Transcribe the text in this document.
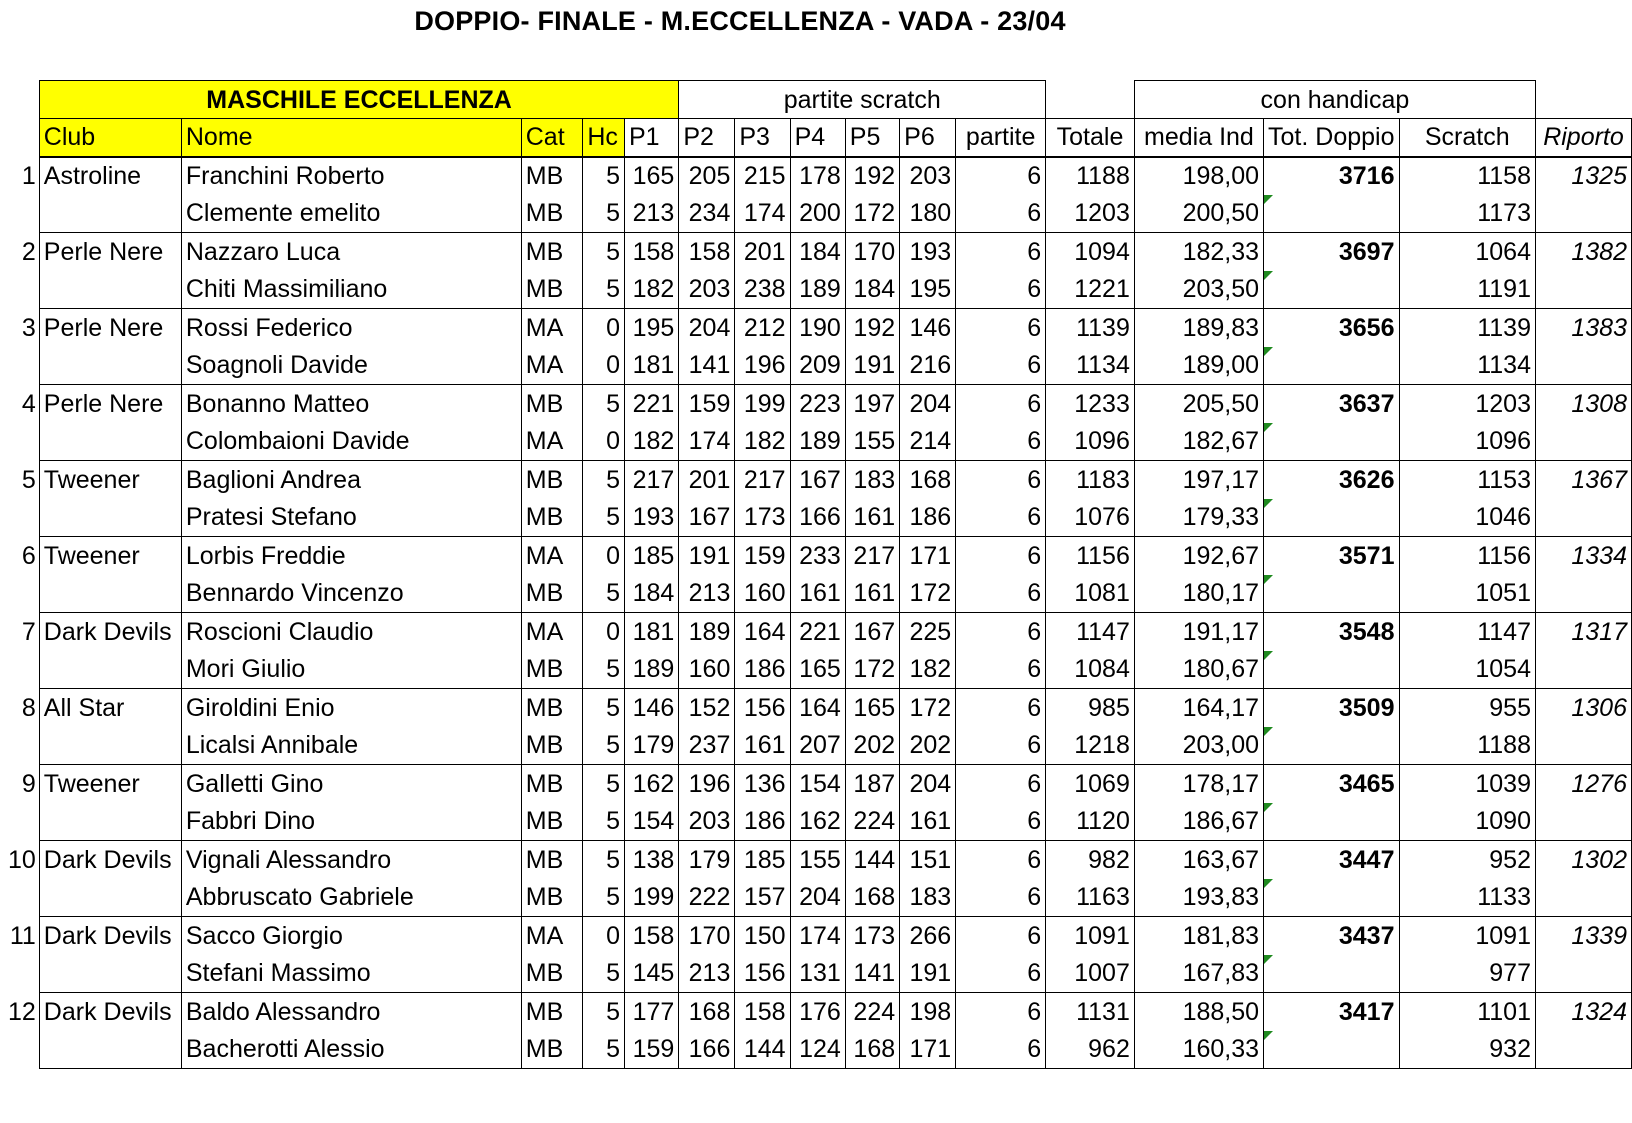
DOPPIO- FINALE - M.ECCELLENZA - VADA - 23/04
	MASCHILE ECCELLENZA					partite scratch							con handicap			
	Club	Nome	Cat	Hc	P1	P2	P3	P4	P5	P6	partite	Totale	media Ind	Tot. Doppio	Scratch	Riporto
1	Astroline	Franchini Roberto	MB	5	165	205	215	178	192	203	6	1188	198,00	3716	1158	1325
		Clemente emelito	MB	5	213	234	174	200	172	180	6	1203	200,50		1173	
2	Perle Nere	Nazzaro Luca	MB	5	158	158	201	184	170	193	6	1094	182,33	3697	1064	1382
		Chiti Massimiliano	MB	5	182	203	238	189	184	195	6	1221	203,50		1191	
3	Perle Nere	Rossi Federico	MA	0	195	204	212	190	192	146	6	1139	189,83	3656	1139	1383
		Soagnoli Davide	MA	0	181	141	196	209	191	216	6	1134	189,00		1134	
4	Perle Nere	Bonanno Matteo	MB	5	221	159	199	223	197	204	6	1233	205,50	3637	1203	1308
		Colombaioni Davide	MA	0	182	174	182	189	155	214	6	1096	182,67		1096	
5	Tweener	Baglioni Andrea	MB	5	217	201	217	167	183	168	6	1183	197,17	3626	1153	1367
		Pratesi Stefano	MB	5	193	167	173	166	161	186	6	1076	179,33		1046	
6	Tweener	Lorbis Freddie	MA	0	185	191	159	233	217	171	6	1156	192,67	3571	1156	1334
		Bennardo Vincenzo	MB	5	184	213	160	161	161	172	6	1081	180,17		1051	
7	Dark Devils	Roscioni Claudio	MA	0	181	189	164	221	167	225	6	1147	191,17	3548	1147	1317
		Mori Giulio	MB	5	189	160	186	165	172	182	6	1084	180,67		1054	
8	All Star	Giroldini Enio	MB	5	146	152	156	164	165	172	6	985	164,17	3509	955	1306
		Licalsi Annibale	MB	5	179	237	161	207	202	202	6	1218	203,00		1188	
9	Tweener	Galletti Gino	MB	5	162	196	136	154	187	204	6	1069	178,17	3465	1039	1276
		Fabbri Dino	MB	5	154	203	186	162	224	161	6	1120	186,67		1090	
10	Dark Devils	Vignali Alessandro	MB	5	138	179	185	155	144	151	6	982	163,67	3447	952	1302
		Abbruscato Gabriele	MB	5	199	222	157	204	168	183	6	1163	193,83		1133	
11	Dark Devils	Sacco Giorgio	MA	0	158	170	150	174	173	266	6	1091	181,83	3437	1091	1339
		Stefani Massimo	MB	5	145	213	156	131	141	191	6	1007	167,83		977	
12	Dark Devils	Baldo Alessandro	MB	5	177	168	158	176	224	198	6	1131	188,50	3417	1101	1324
		Bacherotti Alessio	MB	5	159	166	144	124	168	171	6	962	160,33		932	
